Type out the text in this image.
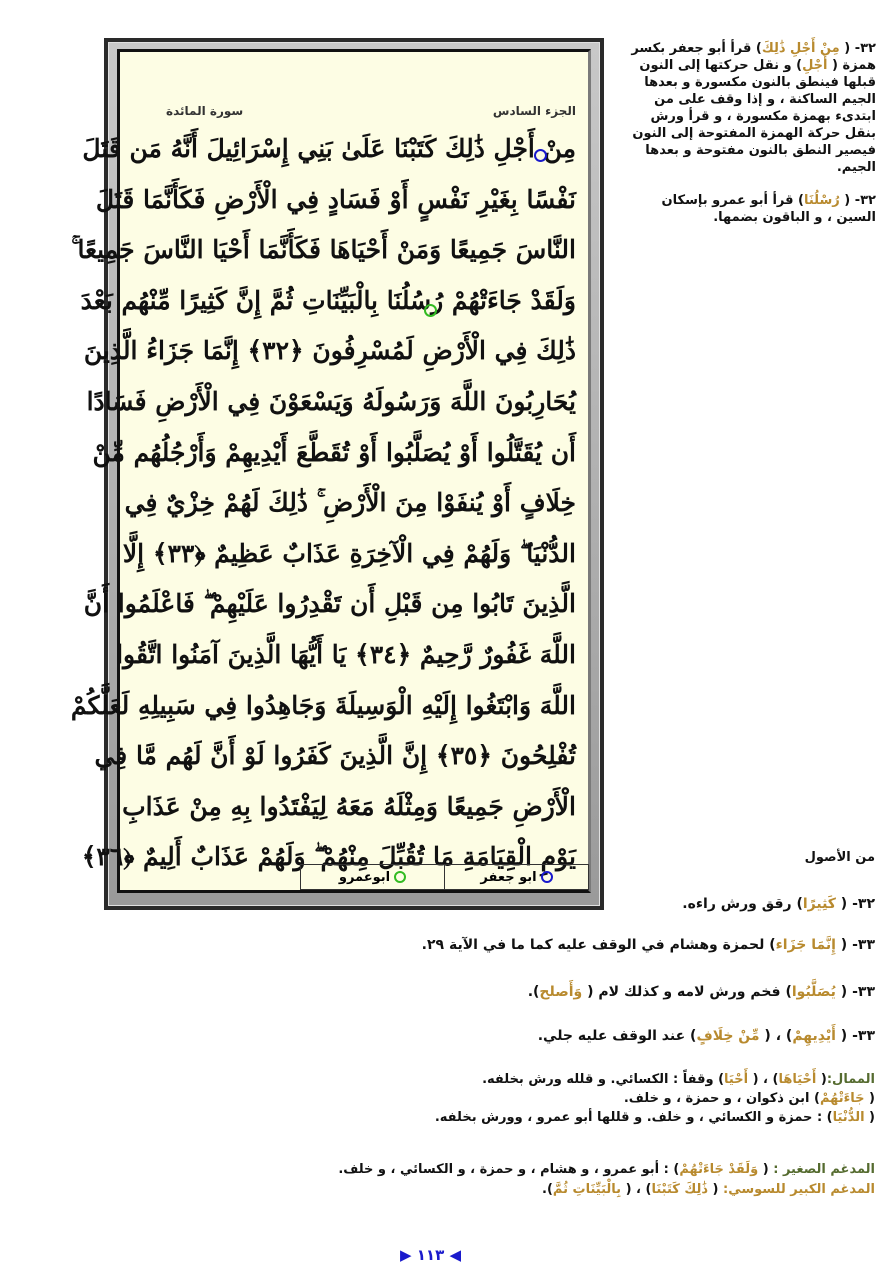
الجزء السادس
سورة المائدة
مِنْ أَجْلِ ذَٰلِكَ كَتَبْنَا عَلَىٰ بَنِي إِسْرَائِيلَ أَنَّهُ مَن قَتَلَ
نَفْسًا بِغَيْرِ نَفْسٍ أَوْ فَسَادٍ فِي الْأَرْضِ فَكَأَنَّمَا قَتَلَ
النَّاسَ جَمِيعًا وَمَنْ أَحْيَاهَا فَكَأَنَّمَا أَحْيَا النَّاسَ جَمِيعًا ۚ
وَلَقَدْ جَاءَتْهُمْ رُسُلُنَا بِالْبَيِّنَاتِ ثُمَّ إِنَّ كَثِيرًا مِّنْهُم بَعْدَ
ذَٰلِكَ فِي الْأَرْضِ لَمُسْرِفُونَ ﴿٣٢﴾ إِنَّمَا جَزَاءُ الَّذِينَ
يُحَارِبُونَ اللَّهَ وَرَسُولَهُ وَيَسْعَوْنَ فِي الْأَرْضِ فَسَادًا
أَن يُقَتَّلُوا أَوْ يُصَلَّبُوا أَوْ تُقَطَّعَ أَيْدِيهِمْ وَأَرْجُلُهُم مِّنْ
خِلَافٍ أَوْ يُنفَوْا مِنَ الْأَرْضِ ۚ ذَٰلِكَ لَهُمْ خِزْيٌ فِي
الدُّنْيَا ۖ وَلَهُمْ فِي الْآخِرَةِ عَذَابٌ عَظِيمٌ ﴿٣٣﴾ إِلَّا
الَّذِينَ تَابُوا مِن قَبْلِ أَن تَقْدِرُوا عَلَيْهِمْ ۖ فَاعْلَمُوا أَنَّ
اللَّهَ غَفُورٌ رَّحِيمٌ ﴿٣٤﴾ يَا أَيُّهَا الَّذِينَ آمَنُوا اتَّقُوا
اللَّهَ وَابْتَغُوا إِلَيْهِ الْوَسِيلَةَ وَجَاهِدُوا فِي سَبِيلِهِ لَعَلَّكُمْ
تُفْلِحُونَ ﴿٣٥﴾ إِنَّ الَّذِينَ كَفَرُوا لَوْ أَنَّ لَهُم مَّا فِي
الْأَرْضِ جَمِيعًا وَمِثْلَهُ مَعَهُ لِيَفْتَدُوا بِهِ مِنْ عَذَابِ
يَوْمِ الْقِيَامَةِ مَا تُقُبِّلَ مِنْهُمْ ۖ وَلَهُمْ عَذَابٌ أَلِيمٌ ﴿٣٦﴾
ابو جعفر
ابوعمرو

٣٢- ( مِنْ أَجْلِ ذَٰلِكَ) قرأ أبو جعفر بكسر همزة ( أَجْلِ) و نقل حركتها إلى النون قبلها فينطق بالنون مكسورة و بعدها الجيم الساكنة ، و إذا وقف على من ابتدىء بهمزة مكسورة ، و قرأ ورش بنقل حركة الهمزة المفتوحة إلى النون فيصير النطق بالنون مفتوحة و بعدها الجيم.

٣٢- ( رُسْلُنَا) قرأ أبو عمرو بإسكان السين ، و الباقون بضمها.

من الأصول
٣٢- ( كَثِيرًا) رقق ورش راءه.
٣٣- ( إِنَّمَا جَزَاء) لحمزة وهشام في الوقف عليه كما ما في الآية ٢٩.
٣٣- ( يُصَلَّبُوا) فخم ورش لامه و كذلك لام ( وَأَصلح).
٣٣- ( أَيْدِيهِمْ) ، ( مِّنْ خِلَافٍ) عند الوقف عليه جلي.
الممال:( أَحْيَاهَا) ، ( أَحْيَا) وقفاً : الكسائي. و قلله ورش بخلفه.
( جَاءَتْهُمْ) ابن ذكوان ، و حمزة ، و خلف.
( الدُّنْيَا) : حمزة و الكسائي ، و خلف. و قللها أبو عمرو ، وورش بخلفه.
المدغم الصغير : ( وَلَقَدْ جَاءَتْهُمْ) : أبو عمرو ، و هشام ، و حمزة ، و الكسائي ، و خلف.
المدغم الكبير للسوسي: ( ذَٰلِكَ كَتَبْنَا) ، ( بِالْبَيِّنَاتِ ثُمَّ).
▶ ١١٣ ◀
